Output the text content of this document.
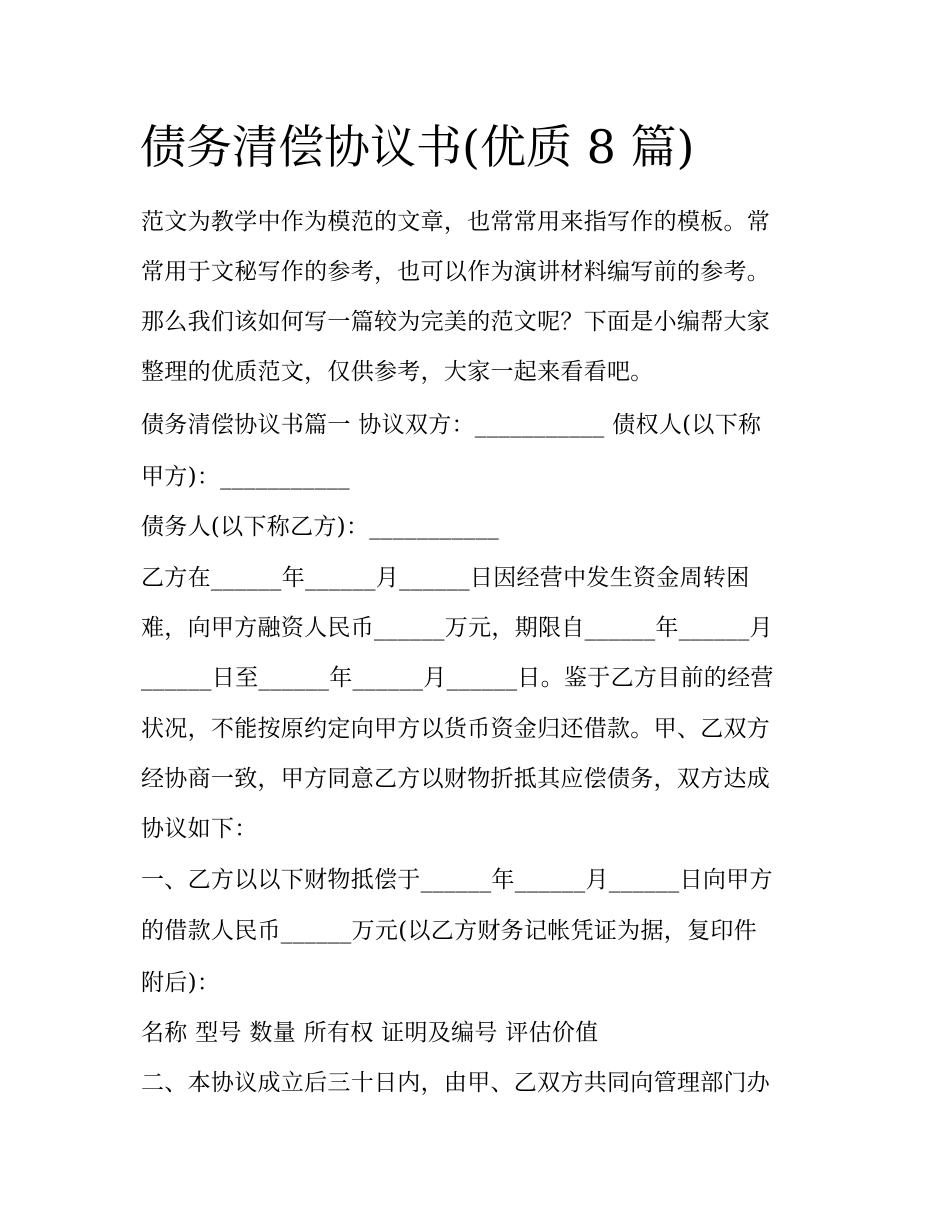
债务清偿协议书(优质 8 篇)
范文为教学中作为模范的文章，也常常用来指写作的模板。常
常用于文秘写作的参考，也可以作为演讲材料编写前的参考。
那么我们该如何写一篇较为完美的范文呢？下面是小编帮大家
整理的优质范文，仅供参考，大家一起来看看吧。
债务清偿协议书篇一 协议双方：___________ 债权人(以下称
甲方)：___________
债务人(以下称乙方)：___________
乙方在______年______月______日因经营中发生资金周转困
难，向甲方融资人民币______万元，期限自______年______月
______日至______年______月______日。鉴于乙方目前的经营
状况，不能按原约定向甲方以货币资金归还借款。甲、乙双方
经协商一致，甲方同意乙方以财物折抵其应偿债务，双方达成
协议如下：
一、乙方以以下财物抵偿于______年______月______日向甲方
的借款人民币______万元(以乙方财务记帐凭证为据，复印件
附后)：
名称 型号 数量 所有权 证明及编号 评估价值
二、本协议成立后三十日内，由甲、乙双方共同向管理部门办
